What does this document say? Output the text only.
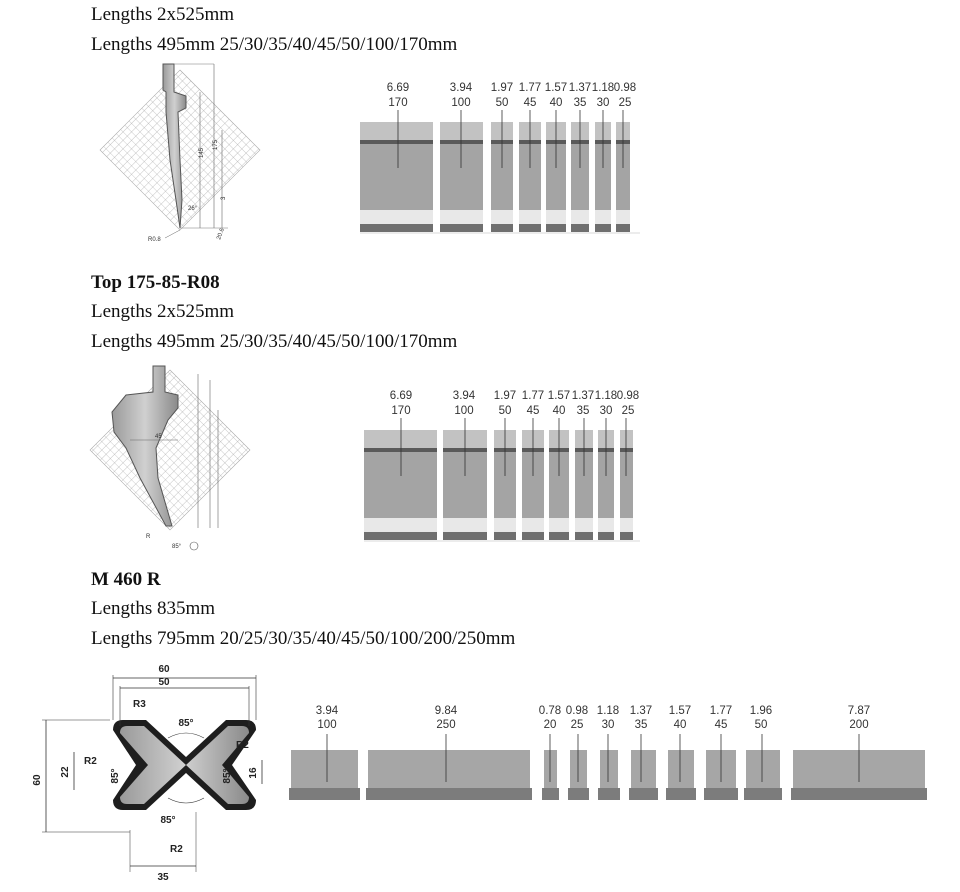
Lengths 2x525mm
Lengths 495mm 25/30/35/40/45/50/100/170mm
Top 175-85-R08
Lengths 2x525mm
Lengths 495mm 25/30/35/40/45/50/100/170mm
M 460 R
Lengths 835mm
Lengths 795mm 20/25/30/35/40/45/50/100/200/250mm
145
175
3
26°
R0.8	20.6
45
R
85°
6.69
170
3.94
100
1.97
50
1.77
45
1.57
40
1.37
35
1.18
30
0.98
25
6.69
170
3.94
100
1.97
50
1.77
45
1.57
40
1.37
35
1.18
30
0.98
25
60
50
R3
85°
R2
R2
60
22	85°	85° 16
85°
R2
35
3.94
100
9.84
250
0.78
20
0.98
25
1.18
30
1.37
35
1.57
40
1.77
45
1.96
50
7.87
200
